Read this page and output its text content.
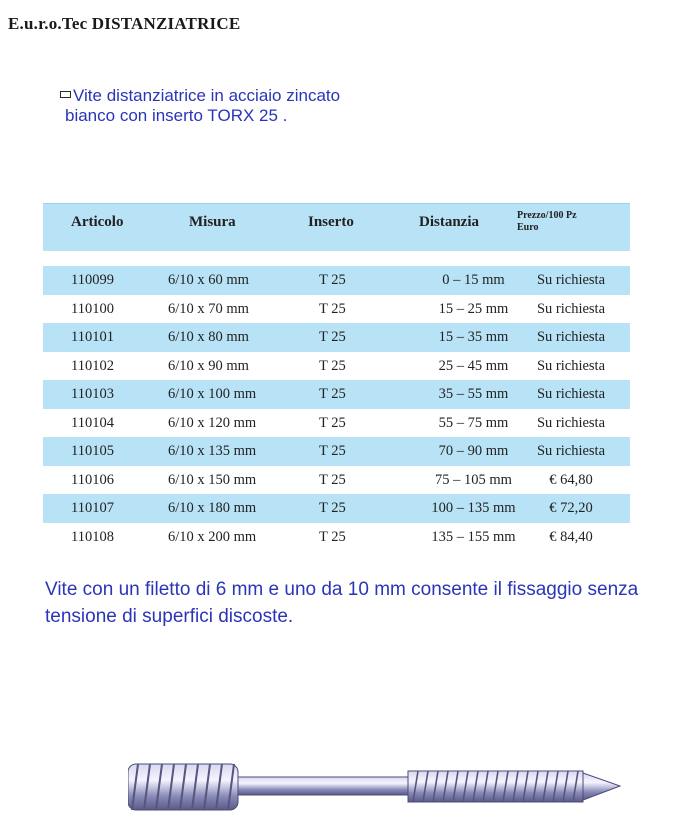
E.u.r.o.Tec DISTANZIATRICE
Vite distanziatrice in acciaio zincato
bianco con inserto TORX 25 .
Articolo	Misura	Inserto	Distanzia	Prezzo/100 Pz
Euro
110099	6/10 x 60 mm	T 25	0 – 15 mm	Su richiesta
110100	6/10 x 70 mm	T 25	15 – 25 mm	Su richiesta
110101	6/10 x 80 mm	T 25	15 – 35 mm	Su richiesta
110102	6/10 x 90 mm	T 25	25 – 45 mm	Su richiesta
110103	6/10 x 100 mm	T 25	35 – 55 mm	Su richiesta
110104	6/10 x 120 mm	T 25	55 – 75 mm	Su richiesta
110105	6/10 x 135 mm	T 25	70 – 90 mm	Su richiesta
110106	6/10 x 150 mm	T 25	75 – 105 mm	€ 64,80
110107	6/10 x 180 mm	T 25	100 – 135 mm	€ 72,20
110108	6/10 x 200 mm	T 25	135 – 155 mm	€ 84,40
Vite con un filetto di 6 mm e uno da 10 mm consente il fissaggio senza
tensione di superfici discoste.
